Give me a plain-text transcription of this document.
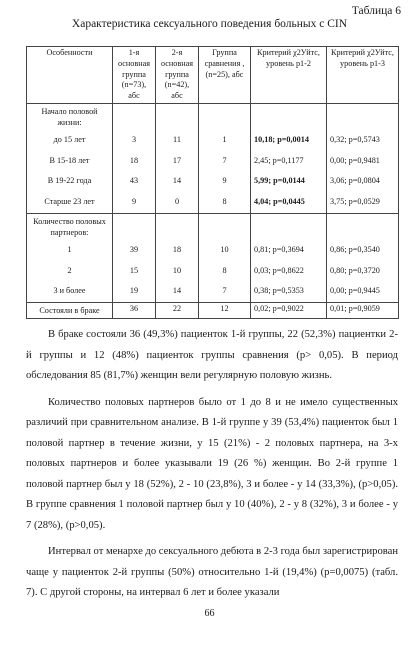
Таблица 6
Характеристика сексуального поведения больных с CIN
Особенности	1-я основная группа (n=73), абс	2-я основная группа (n=42), абс	Группа сравнения , (n=25), абс	Критерий χ2Уйтс, уровень p1-2	Критерий χ2Уйтс, уровень p1-3
Начало половой жизни:					
до 15 лет	3	11	1	10,18; p=0,0014	0,32; p=0,5743
В 15-18 лет	18	17	7	2,45; p=0,1177	0,00; p=0,9481
В 19-22 года	43	14	9	5,99; p=0,0144	3,06; p=0,0804
Старше 23 лет	9	0	8	4,04; p=0,0445	3,75; p=0,0529
Количество половых партнеров:					
1	39	18	10	0,81; p=0,3694	0,86; p=0,3540
2	15	10	8	0,03; p=0,8622	0,80; p=0,3720
3 и более	19	14	7	0,38; p=0,5353	0,00; p=0,9445
Состояли в браке	36	22	12	0,02; p=0,9022	0,01; p=0,9059

В браке состояли 36 (49,3%) пациенток 1-й группы, 22 (52,3%) пациентки 2-й группы и 12 (48%) пациенток группы сравнения (р> 0,05). В период обследования 85 (81,7%) женщин вели регулярную половую жизнь.

Количество половых партнеров было от 1 до 8 и не имело существенных различий при сравнительном анализе. В 1-й группе у 39 (53,4%) пациенток был 1 половой партнер в течение жизни, у 15 (21%) - 2 половых партнера, на 3-х половых партнеров и более указывали 19 (26 %) женщин. Во 2-й группе 1 половой партнер был у 18 (52%), 2 - 10 (23,8%), 3 и более - у 14 (33,3%), (р>0,05). В группе сравнения 1 половой партнер был у 10 (40%), 2 - у 8 (32%), 3 и более - у 7 (28%), (р>0,05).

Интервал от менархе до сексуального дебюта в 2-3 года был зарегистрирован чаще у пациенток 2-й группы (50%) относительно 1-й (19,4%) (р=0,0075) (табл. 7). С другой стороны, на интервал 6 лет и более указали

66
